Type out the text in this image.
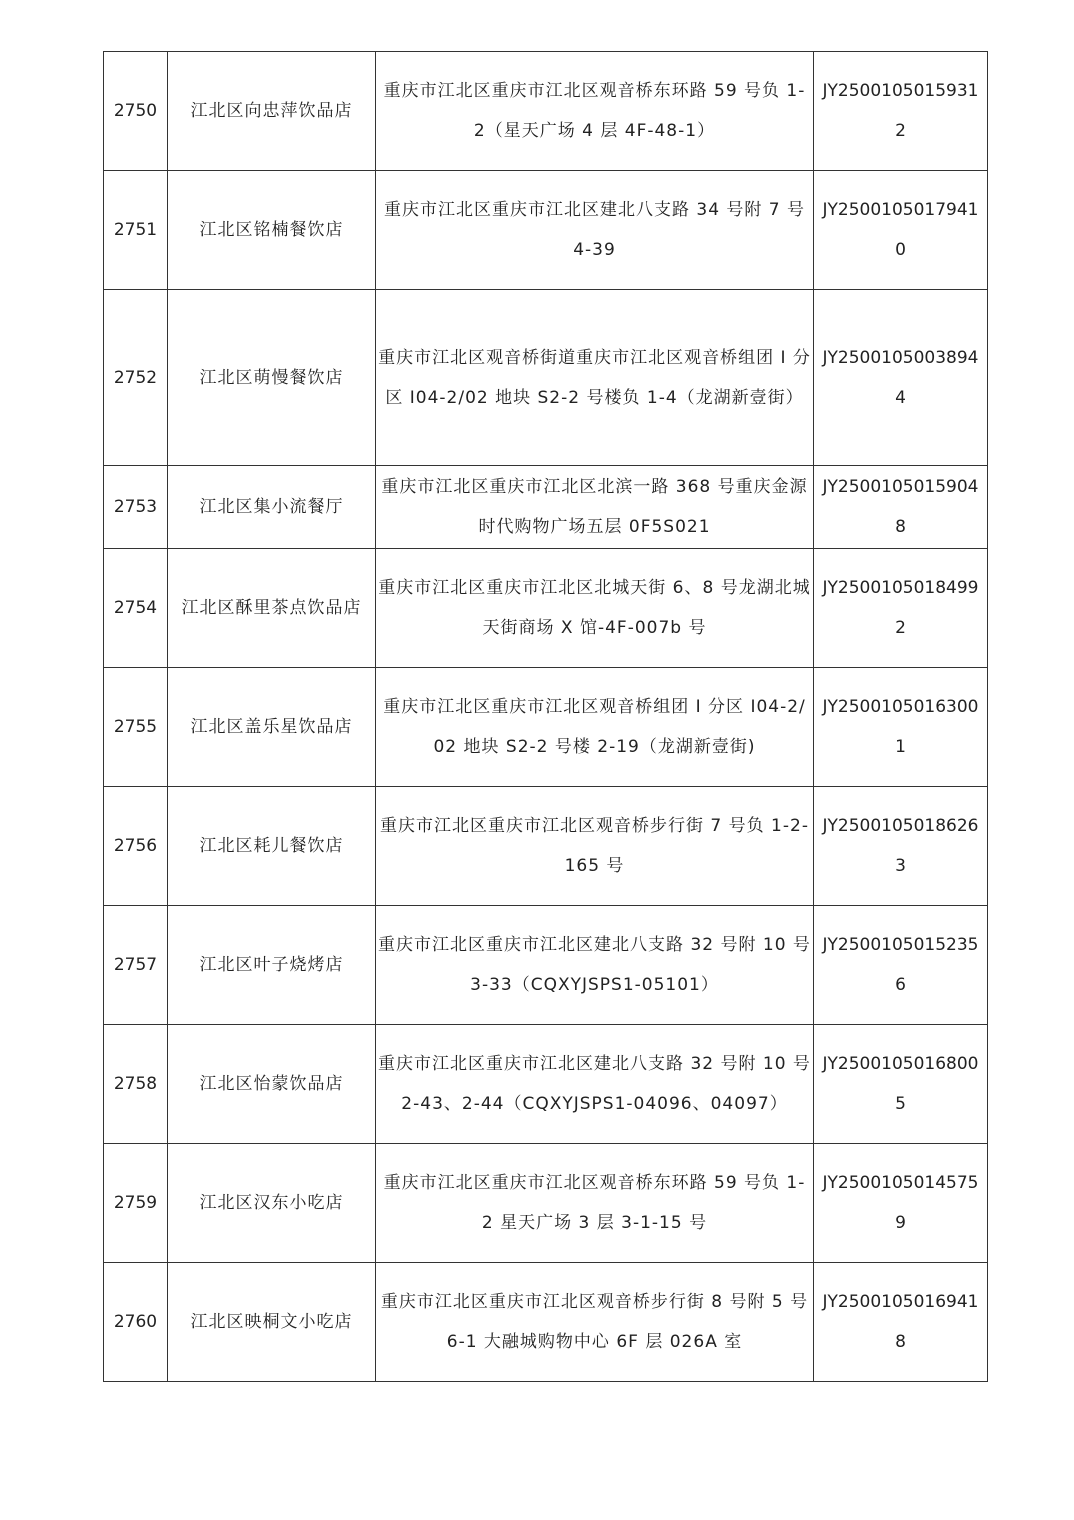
2750	江北区向忠萍饮品店	重庆市江北区重庆市江北区观音桥东环路 59 号负 1-2（星天广场 4 层 4F-48-1）	JY25001050159312
2751	江北区铭楠餐饮店	重庆市江北区重庆市江北区建北八支路 34 号附 7 号 4-39	JY25001050179410
2752	江北区萌慢餐饮店	重庆市江北区观音桥街道重庆市江北区观音桥组团 I 分区 I04-2/02 地块 S2-2 号楼负 1-4（龙湖新壹街）	JY25001050038944
2753	江北区集小流餐厅	重庆市江北区重庆市江北区北滨一路 368 号重庆金源时代购物广场五层 0F5S021	JY25001050159048
2754	江北区酥里茶点饮品店	重庆市江北区重庆市江北区北城天街 6、8 号龙湖北城天街商场 X 馆-4F-007b 号	JY25001050184992
2755	江北区盖乐星饮品店	重庆市江北区重庆市江北区观音桥组团 I 分区 I04-2/02 地块 S2-2 号楼 2-19（龙湖新壹街)	JY25001050163001
2756	江北区耗儿餐饮店	重庆市江北区重庆市江北区观音桥步行街 7 号负 1-2-165 号	JY25001050186263
2757	江北区叶子烧烤店	重庆市江北区重庆市江北区建北八支路 32 号附 10 号 3-33（CQXYJSPS1-05101）	JY25001050152356
2758	江北区怡蒙饮品店	重庆市江北区重庆市江北区建北八支路 32 号附 10 号 2-43、2-44（CQXYJSPS1-04096、04097）	JY25001050168005
2759	江北区汉东小吃店	重庆市江北区重庆市江北区观音桥东环路 59 号负 1-2 星天广场 3 层 3-1-15 号	JY25001050145759
2760	江北区映桐文小吃店	重庆市江北区重庆市江北区观音桥步行街 8 号附 5 号 6-1 大融城购物中心 6F 层 026A 室	JY25001050169418
